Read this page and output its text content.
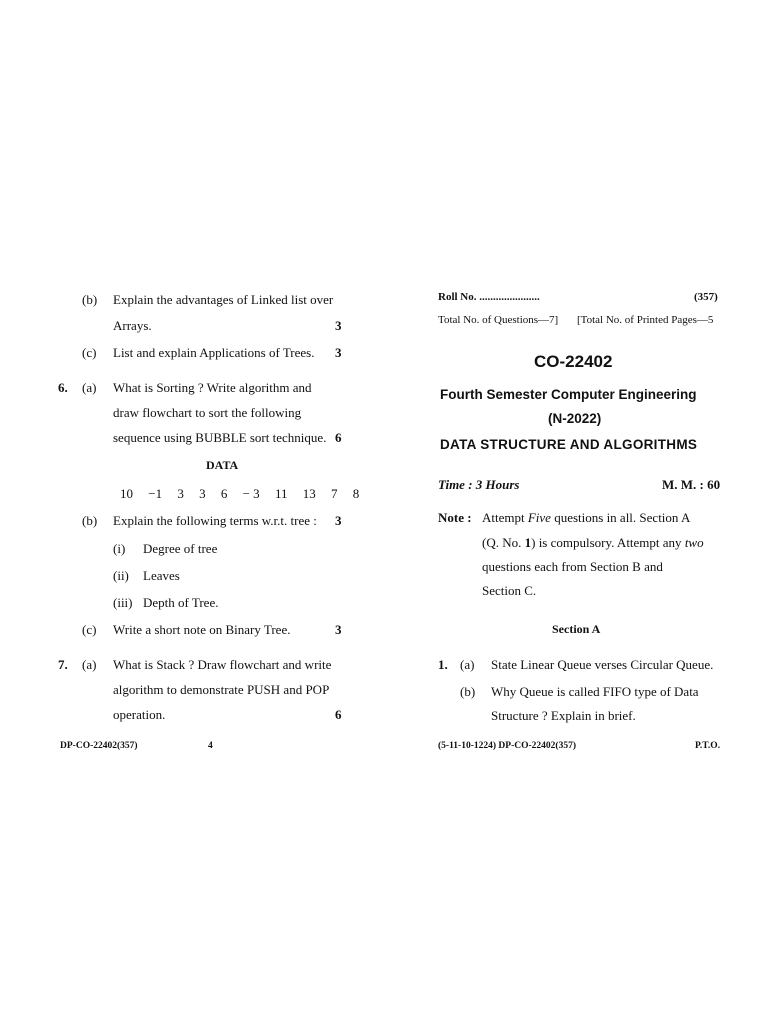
(b) Explain the advantages of Linked list over
Arrays.	3
(c) List and explain Applications of Trees. 3
6. (a) What is Sorting ? Write algorithm and
draw flowchart to sort the following
sequence using BUBBLE sort technique. 6
DATA
10 −1 3 3 6 − 3 11 13 7 8
(b) Explain the following terms w.r.t. tree : 3
(i) Degree of tree
(ii) Leaves
(iii) Depth of Tree.
(c) Write a short note on Binary Tree.	3
7. (a) What is Stack ? Draw flowchart and write
algorithm to demonstrate PUSH and POP
operation.	6
DP-CO-22402(357)	4
Roll No. ......................	(357)
Total No. of Questions—7] [Total No. of Printed Pages—5
CO-22402
Fourth Semester Computer Engineering
(N-2022)
DATA STRUCTURE AND ALGORITHMS
Time : 3 Hours	M. M. : 60
Note : Attempt Five questions in all. Section A
(Q. No. 1) is compulsory. Attempt any two
questions each from Section B and
Section C.
Section A
1. (a) State Linear Queue verses Circular Queue.
(b) Why Queue is called FIFO type of Data
Structure ? Explain in brief.
(5-11-10-1224) DP-CO-22402(357)	P.T.O.
